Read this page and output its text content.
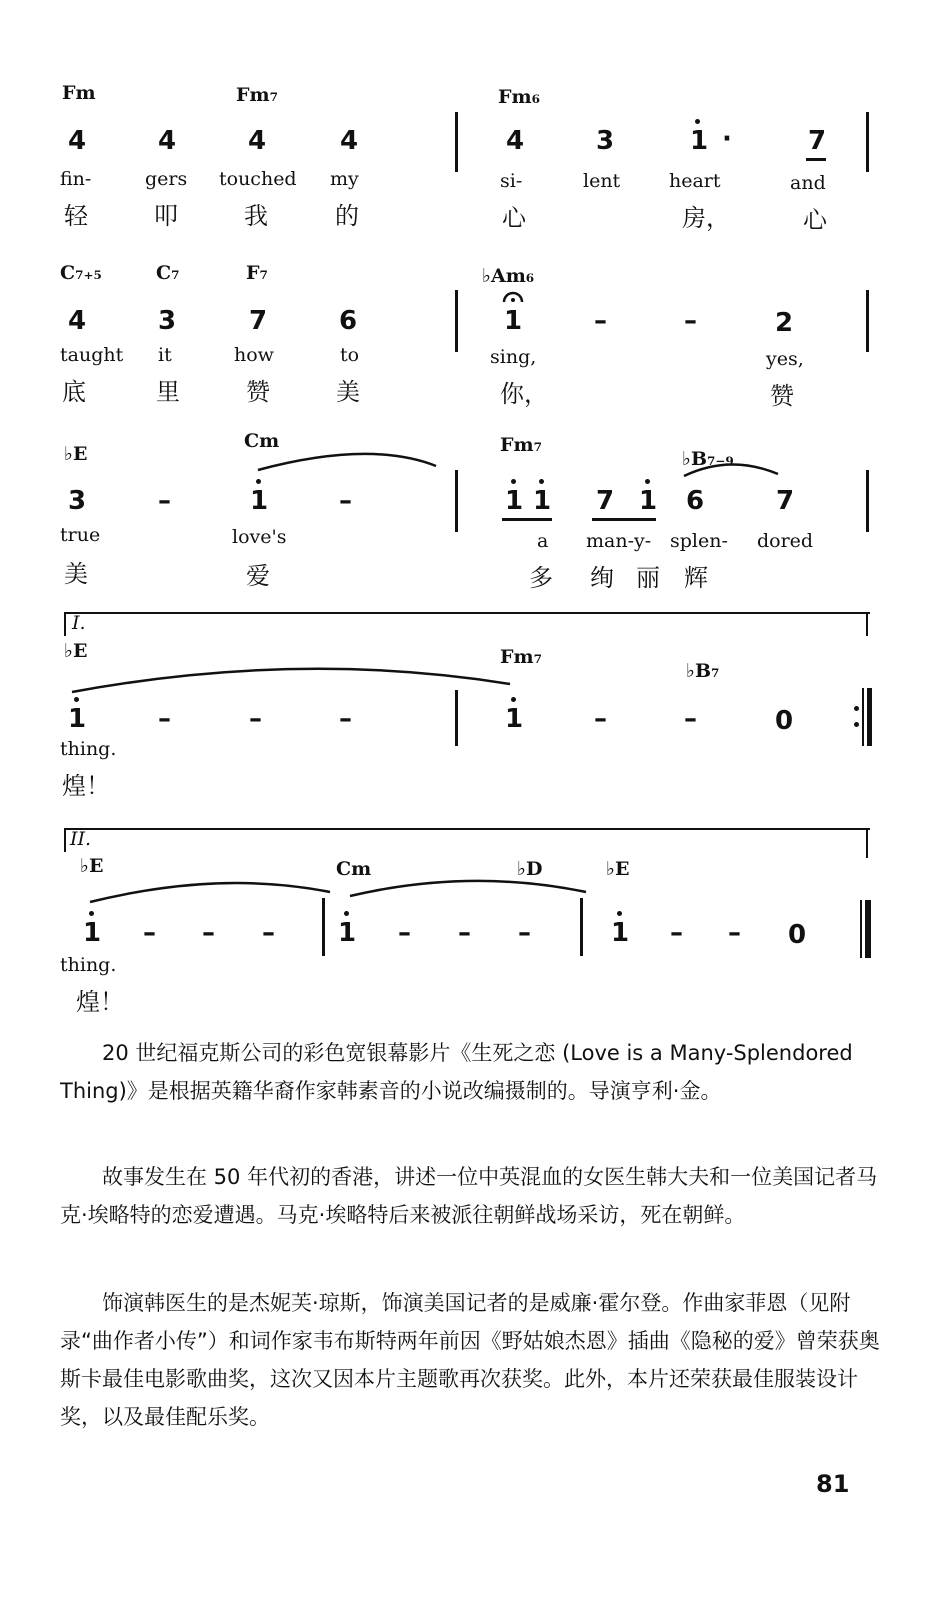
Fm	Fm₇	Fm₆
4	4	4	4	4	3	1 ·	7
fin-	gers touched my	si-	lent	heart	and
轻	叩	我	的	心	房，	心
C₇₊₅	C₇	F₇	♭Am₆
4	3	7	6	1	–	–	2
taught it	how	to	sing,	yes,
底	里	赞	美	你，	赞
♭E
Cm	Fm₇
♭B₇₋₉
3	–	1	–	1 1 7 1 6	7
true	love's	a man-y- splen- dored
美	爱	多 绚 丽 辉
I.
♭E	Fm₇
♭B₇
1	–	–	–	1	–	–	0
thing.
煌！
II.
♭E	Cm	♭D	♭E
1 – – – 1 – – –	1 – – 0
thing.
煌！

20 世纪福克斯公司的彩色宽银幕影片《生死之恋 (Love is a Many-Splendored Thing)》是根据英籍华裔作家韩素音的小说改编摄制的。导演亨利·金。

故事发生在 50 年代初的香港，讲述一位中英混血的女医生韩大夫和一位美国记者马克·埃略特的恋爱遭遇。马克·埃略特后来被派往朝鲜战场采访，死在朝鲜。

饰演韩医生的是杰妮芙·琼斯，饰演美国记者的是威廉·霍尔登。作曲家菲恩（见附录“曲作者小传”）和词作家韦布斯特两年前因《野姑娘杰恩》插曲《隐秘的爱》曾荣获奥斯卡最佳电影歌曲奖，这次又因本片主题歌再次获奖。此外，本片还荣获最佳服装设计奖，以及最佳配乐奖。

81
